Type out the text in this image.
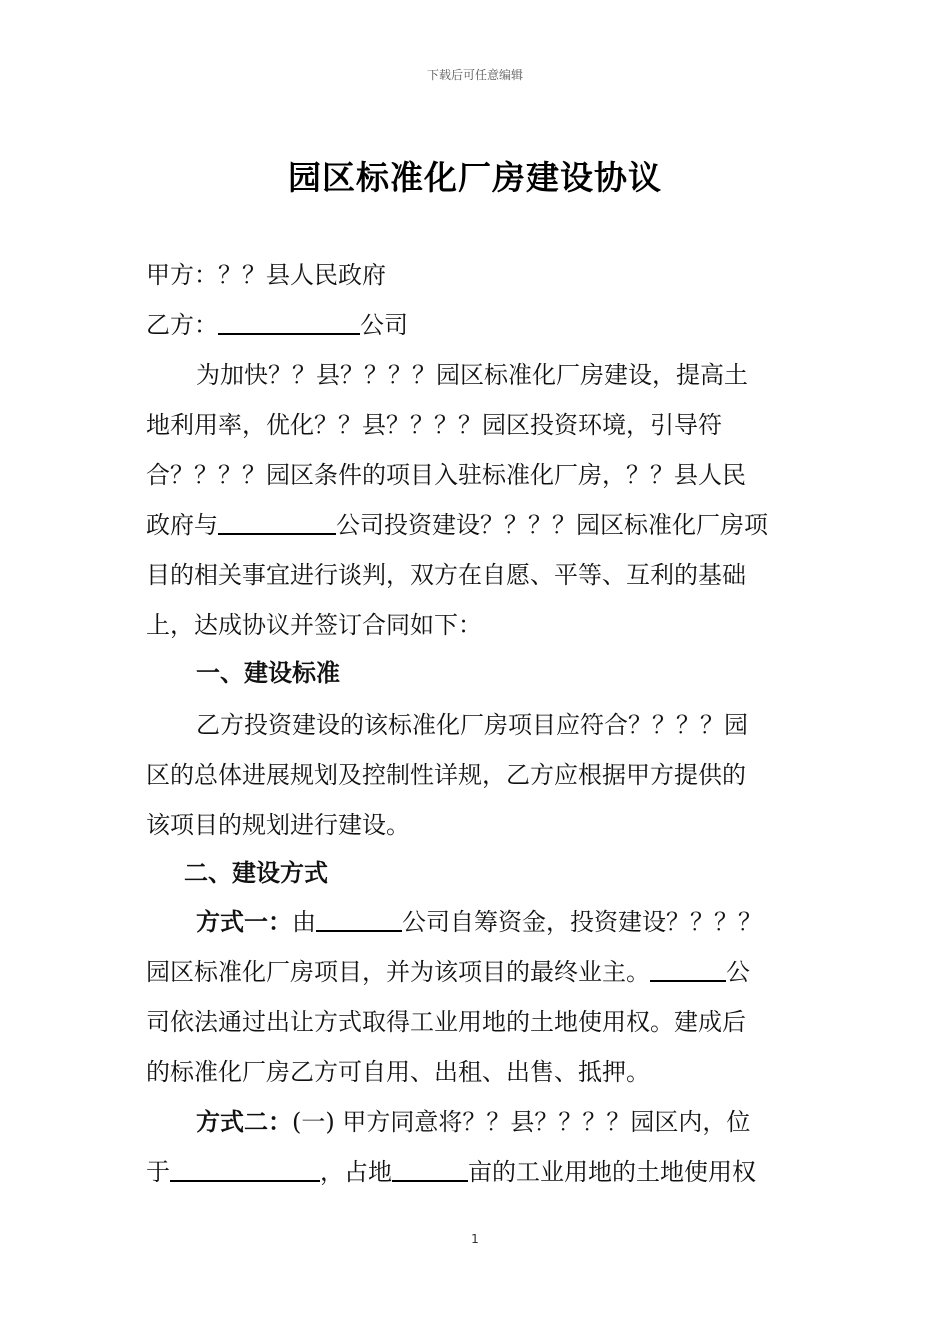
下载后可任意编辑
园区标准化厂房建设协议
甲方：？？县人民政府
乙方：	公司
为加快？？县？？？？园区标准化厂房建设，提高土
地利用率，优化？？县？？？？园区投资环境，引导符
合？？？？园区条件的项目入驻标准化厂房，？？县人民
政府与	公司投资建设？？？？园区标准化厂房项
目的相关事宜进行谈判，双方在自愿、平等、互利的基础
上，达成协议并签订合同如下：
一、建设标准
乙方投资建设的该标准化厂房项目应符合？？？？园
区的总体进展规划及控制性详规，乙方应根据甲方提供的
该项目的规划进行建设。
二、建设方式
方式一：由	公司自筹资金，投资建设？？？？
园区标准化厂房项目，并为该项目的最终业主。	公
司依法通过出让方式取得工业用地的土地使用权。建成后
的标准化厂房乙方可自用、出租、出售、抵押。
方式二：(一) 甲方同意将？？县？？？？园区内，位
于	，占地	亩的工业用地的土地使用权
1
